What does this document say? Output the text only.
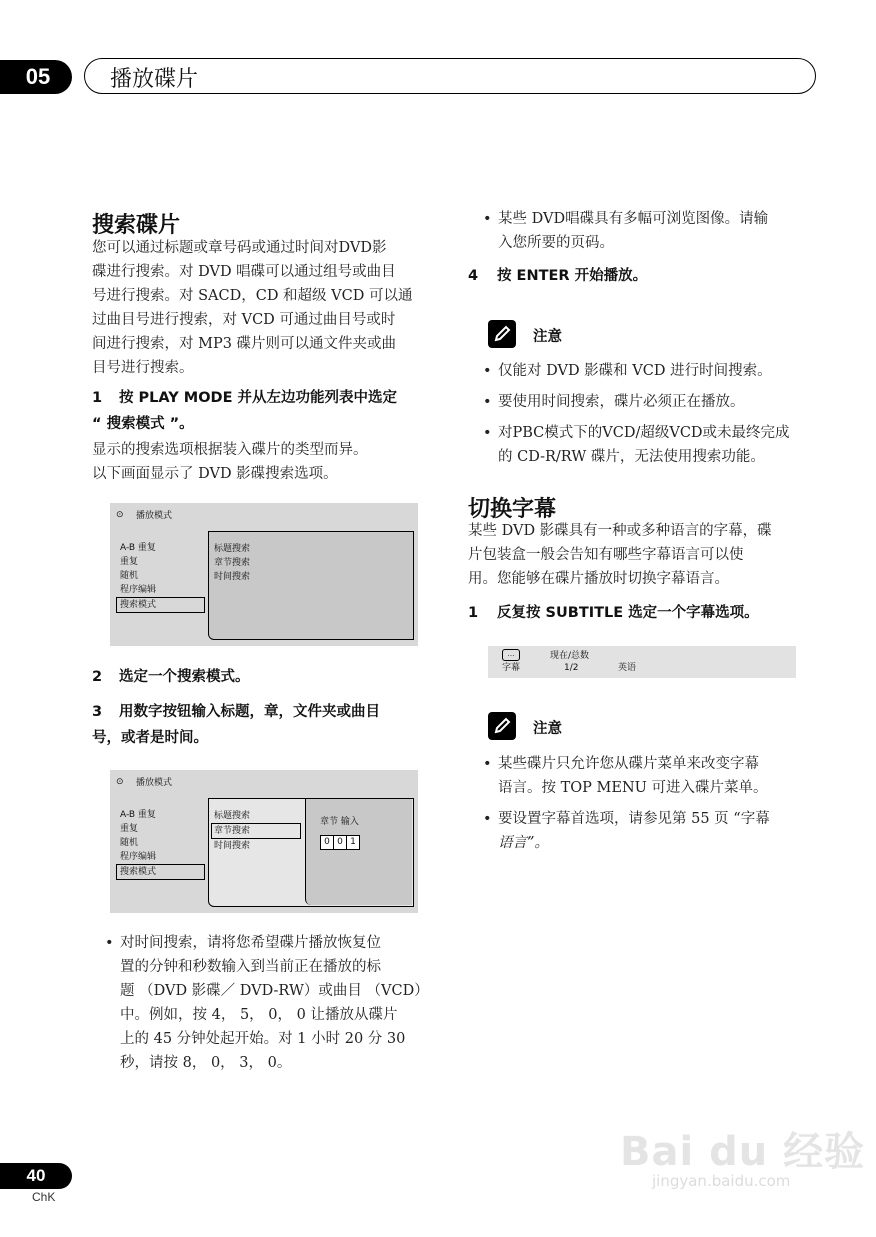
05	播放碟片
搜索碟片
您可以通过标题或章号码或通过时间对DVD影
碟进行搜索。对 DVD 唱碟可以通过组号或曲目
号进行搜索。对 SACD，CD 和超级 VCD 可以通
过曲目号进行搜索，对 VCD 可通过曲目号或时
间进行搜索，对 MP3 碟片则可以通文件夹或曲
目号进行搜索。
1 按 PLAY MODE 并从左边功能列表中选定
“ 搜索模式 ”。
显示的搜索选项根据装入碟片的类型而异。
以下画面显示了 DVD 影碟搜索选项。
⊙ 播放模式
A-B 重复
重复
随机
程序编辑
搜索模式
标题搜索
章节搜索
时间搜索
2 选定一个搜索模式。
3 用数字按钮输入标题，章，文件夹或曲目
号，或者是时间。
⊙ 播放模式
A-B 重复
重复
随机
程序编辑
搜索模式
标题搜索
章节搜索
时间搜索
章节 输入
0 0 1
• 对时间搜索，请将您希望碟片播放恢复位
置的分钟和秒数输入到当前正在播放的标
题 （DVD 影碟／ DVD-RW）或曲目 （VCD）
中。例如，按 4， 5， 0， 0 让播放从碟片
上的 45 分钟处起开始。对 1 小时 20 分 30
秒，请按 8， 0， 3， 0。
• 某些 DVD唱碟具有多幅可浏览图像。请输
入您所要的页码。
4 按 ENTER 开始播放。
注意
• 仅能对 DVD 影碟和 VCD 进行时间搜索。
• 要使用时间搜索，碟片必须正在播放。
• 对PBC模式下的VCD/超级VCD或未最终完成
的 CD-R/RW 碟片，无法使用搜索功能。
切换字幕
某些 DVD 影碟具有一种或多种语言的字幕，碟
片包装盒一般会告知有哪些字幕语言可以使
用。您能够在碟片播放时切换字幕语言。
1 反复按 SUBTITLE 选定一个字幕选项。
…
字幕
现在/总数
1/2	英语
注意
• 某些碟片只允许您从碟片菜单来改变字幕
语言。按 TOP MENU 可进入碟片菜单。
• 要设置字幕首选项，请参见第 55 页 “字幕
语言”。
Bai du 经验
jingyan.baidu.com
40
ChK
